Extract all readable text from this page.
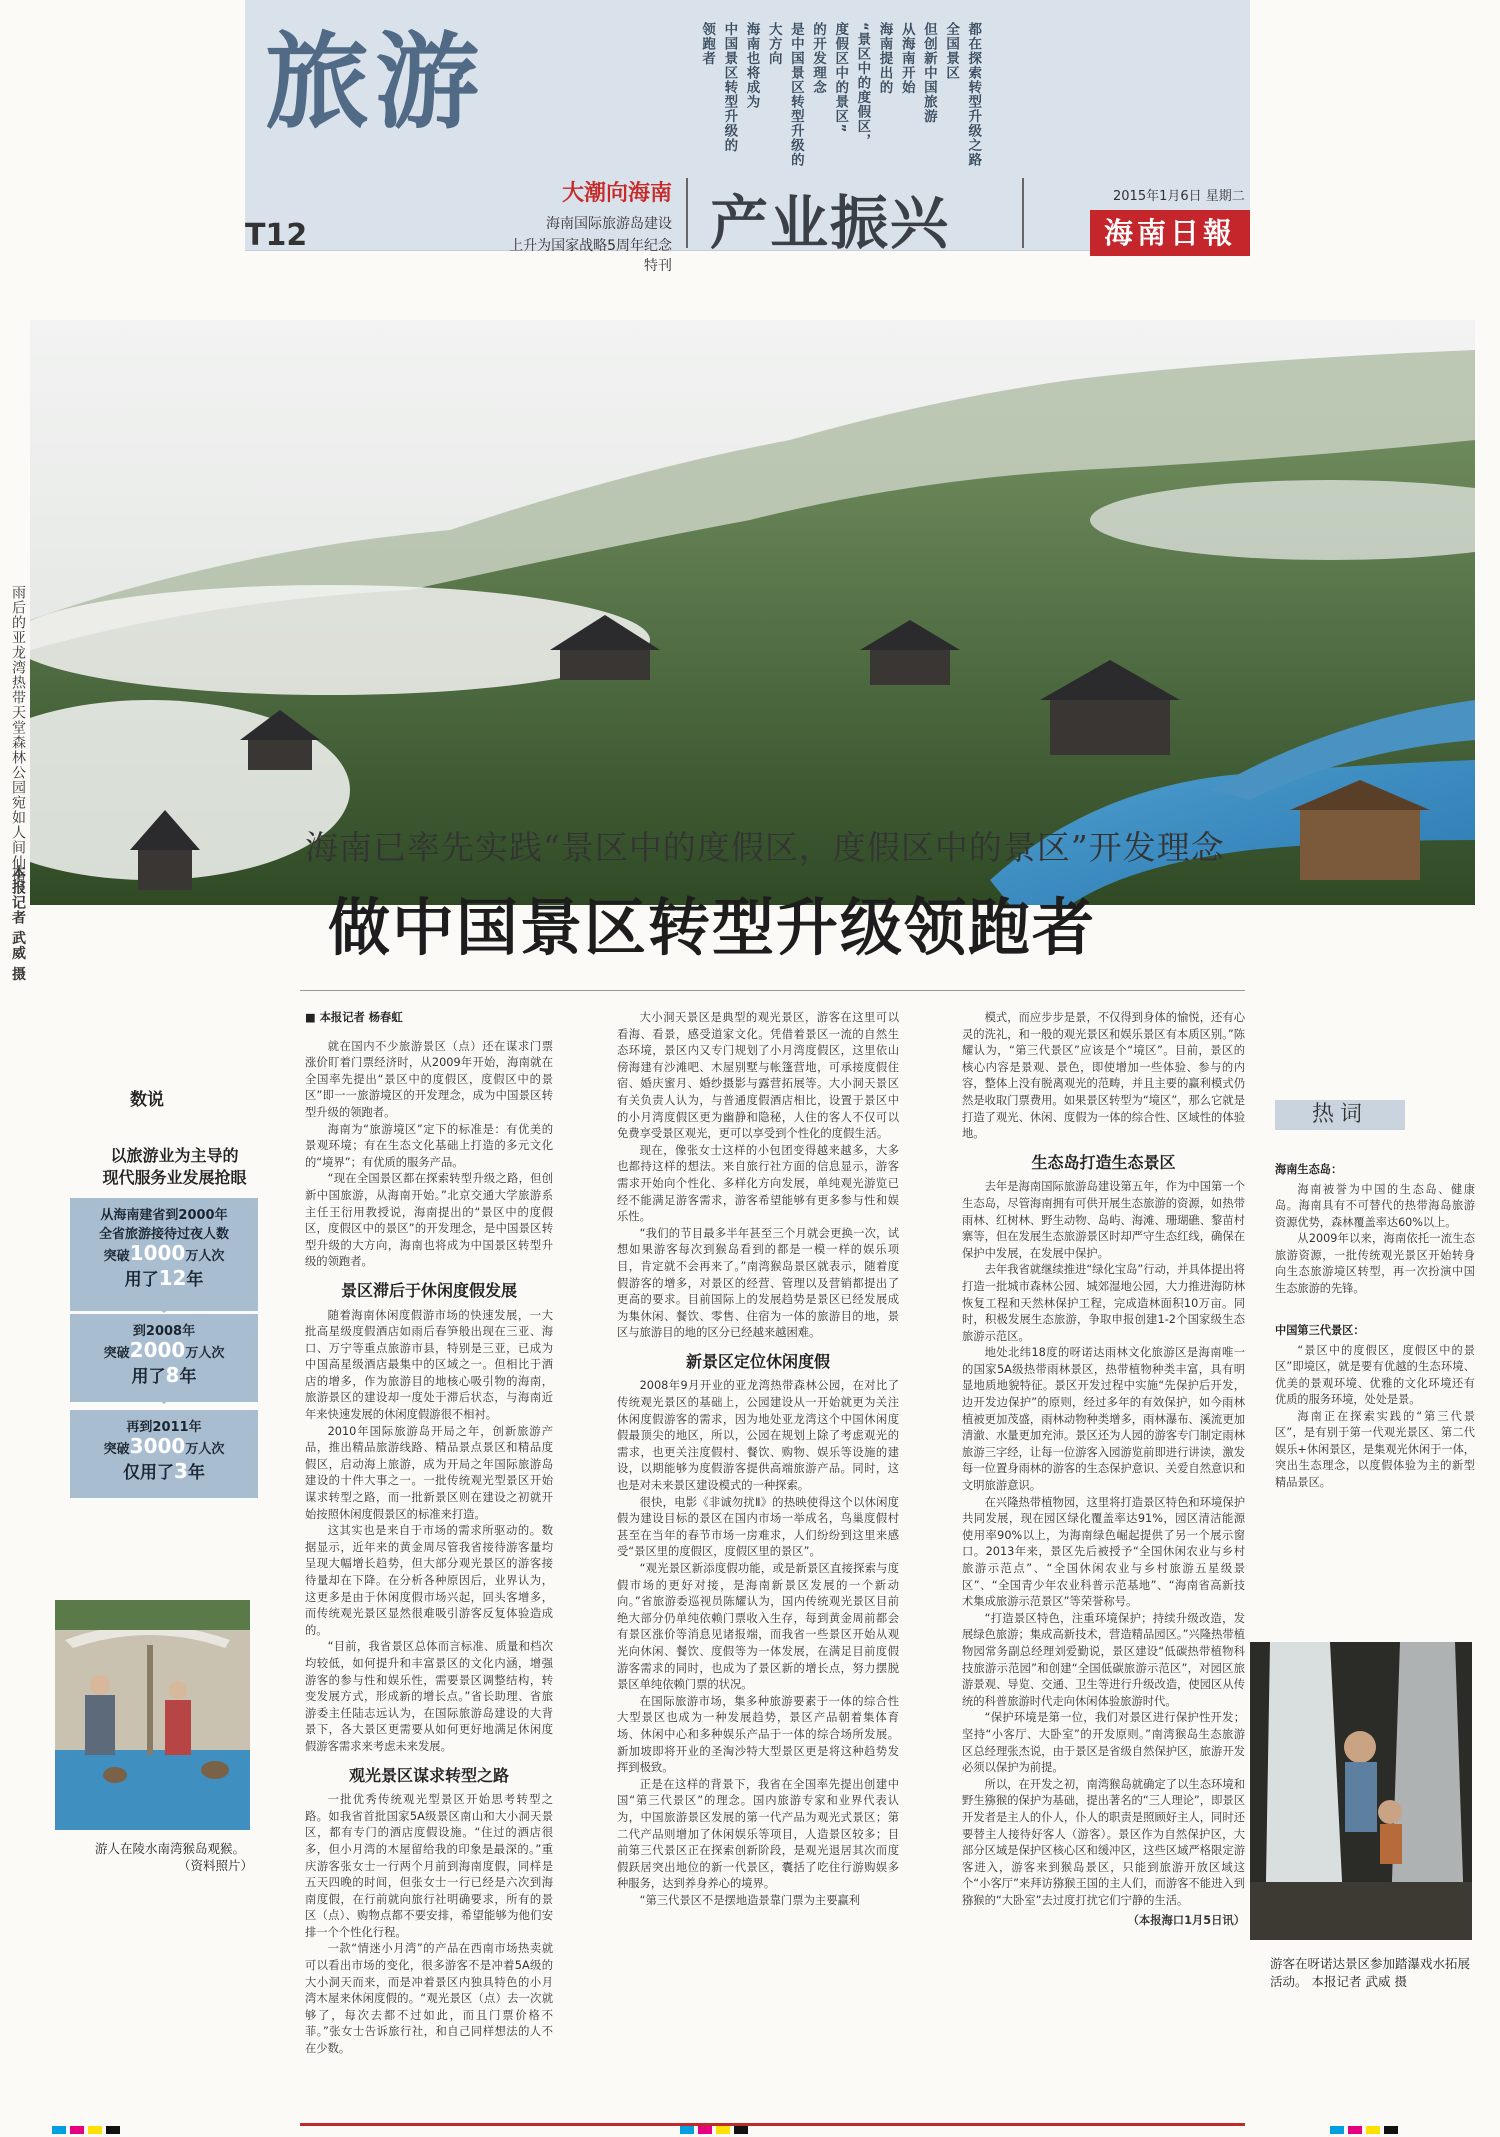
旅游
T12
都在探索转型升级之路
全国景区
但创新中国旅游
从海南开始
海南提出的
“景区中的度假区，
度假区中的景区”
的开发理念
是中国景区转型升级的
大方向
海南也将成为
中国景区转型升级的
领跑者
大潮向海南
海南国际旅游岛建设
上升为国家战略5周年纪念特刊
产业振兴	2015年1月6日 星期二
海南日報
雨后的亚龙湾热带天堂森林公园宛如人间仙境。
本报记者 武威 摄
海南已率先实践“景区中的度假区，度假区中的景区”开发理念
做中国景区转型升级领跑者
■ 本报记者 杨春虹

就在国内不少旅游景区（点）还在谋求门票涨价盯着门票经济时，从2009年开始，海南就在全国率先提出“景区中的度假区，度假区中的景区”即一一旅游境区的开发理念，成为中国景区转型升级的领跑者。

海南为“旅游境区”定下的标准是：有优美的景观环境；有在生态文化基础上打造的多元文化的“境界”；有优质的服务产品。

“现在全国景区都在探索转型升级之路，但创新中国旅游，从海南开始。”北京交通大学旅游系主任王衍用教授说，海南提出的“景区中的度假区，度假区中的景区”的开发理念，是中国景区转型升级的大方向，海南也将成为中国景区转型升级的领跑者。

景区滞后于休闲度假发展

随着海南休闲度假游市场的快速发展，一大批高星级度假酒店如雨后春笋般出现在三亚、海口、万宁等重点旅游市县，特别是三亚，已成为中国高星级酒店最集中的区域之一。但相比于酒店的增多，作为旅游目的地核心吸引物的海南，旅游景区的建设却一度处于滞后状态，与海南近年来快速发展的休闲度假游很不相衬。

2010年国际旅游岛开局之年，创新旅游产品，推出精品旅游线路、精品景点景区和精品度假区，启动海上旅游，成为开局之年国际旅游岛建设的十件大事之一。一批传统观光型景区开始谋求转型之路，而一批新景区则在建设之初就开始按照休闲度假景区的标准来打造。

这其实也是来自于市场的需求所驱动的。数据显示，近年来的黄金周尽管我省接待游客量均呈现大幅增长趋势，但大部分观光景区的游客接待量却在下降。在分析各种原因后，业界认为，这更多是由于休闲度假市场兴起，回头客增多，而传统观光景区显然很难吸引游客反复体验造成的。

“目前，我省景区总体而言标准、质量和档次均较低，如何提升和丰富景区的文化内涵，增强游客的参与性和娱乐性，需要景区调整结构，转变发展方式，形成新的增长点。”省长助理、省旅游委主任陆志远认为，在国际旅游岛建设的大背景下，各大景区更需要从如何更好地满足休闲度假游客需求来考虑未来发展。

观光景区谋求转型之路

一批优秀传统观光型景区开始思考转型之路。如我省首批国家5A级景区南山和大小洞天景区，都有专门的酒店度假设施。“住过的酒店很多，但小月湾的木屋留给我的印象是最深的。”重庆游客张女士一行两个月前到海南度假，同样是五天四晚的时间，但张女士一行已经是六次到海南度假，在行前就向旅行社明确要求，所有的景区（点）、购物点都不要安排，希望能够为他们安排一个个性化行程。

一款“情迷小月湾”的产品在西南市场热卖就可以看出市场的变化，很多游客不是冲着5A级的大小洞天而来，而是冲着景区内独具特色的小月湾木屋来休闲度假的。“观光景区（点）去一次就够了，每次去都不过如此，而且门票价格不菲。”张女士告诉旅行社，和自己同样想法的人不在少数。

大小洞天景区是典型的观光景区，游客在这里可以看海、看景，感受道家文化。凭借着景区一流的自然生态环境，景区内又专门规划了小月湾度假区，这里依山傍海建有沙滩吧、木屋别墅与帐篷营地，可承接度假住宿、婚庆蜜月、婚纱摄影与露营拓展等。大小洞天景区有关负责人认为，与普通度假酒店相比，设置于景区中的小月湾度假区更为幽静和隐秘，人住的客人不仅可以免费享受景区观光，更可以享受到个性化的度假生活。

现在，像张女士这样的小包团变得越来越多，大多也都持这样的想法。来自旅行社方面的信息显示，游客需求开始向个性化、多样化方向发展，单纯观光游览已经不能满足游客需求，游客希望能够有更多参与性和娱乐性。

“我们的节目最多半年甚至三个月就会更换一次，试想如果游客每次到猴岛看到的都是一模一样的娱乐项目，肯定就不会再来了。”南湾猴岛景区就表示，随着度假游客的增多，对景区的经营、管理以及营销都提出了更高的要求。目前国际上的发展趋势是景区已经发展成为集休闲、餐饮、零售、住宿为一体的旅游目的地，景区与旅游目的地的区分已经越来越困难。

新景区定位休闲度假

2008年9月开业的亚龙湾热带森林公园，在对比了传统观光景区的基础上，公园建设从一开始就更为关注休闲度假游客的需求，因为地处亚龙湾这个中国休闲度假最顶尖的地区，所以，公园在规划上除了考虑观光的需求，也更关注度假村、餐饮、购物、娱乐等设施的建设，以期能够为度假游客提供高端旅游产品。同时，这也是对未来景区建设模式的一种探索。

很快，电影《非诚勿扰Ⅱ》的热映使得这个以休闲度假为建设目标的景区在国内市场一举成名，鸟巢度假村甚至在当年的春节市场一房难求，人们纷纷到这里来感受“景区里的度假区，度假区里的景区”。

“观光景区新添度假功能，或是新景区直接探索与度假市场的更好对接，是海南新景区发展的一个新动向。”省旅游委巡视员陈耀认为，国内传统观光景区目前绝大部分仍单纯依赖门票收入生存，每到黄金周前都会有景区涨价等消息见诸报端，而我省一些景区开始从观光向休闲、餐饮、度假等为一体发展，在满足目前度假游客需求的同时，也成为了景区新的增长点，努力摆脱景区单纯依赖门票的状况。

在国际旅游市场，集多种旅游要素于一体的综合性大型景区也成为一种发展趋势，景区产品朝着集体育场、休闲中心和多种娱乐产品于一体的综合场所发展。新加坡即将开业的圣淘沙特大型景区更是将这种趋势发挥到极致。

正是在这样的背景下，我省在全国率先提出创建中国“第三代景区”的理念。国内旅游专家和业界代表认为，中国旅游景区发展的第一代产品为观光式景区；第二代产品则增加了休闲娱乐等项目，人造景区较多；目前第三代景区正在探索创新阶段，是观光退居其次而度假跃居突出地位的新一代景区，囊括了吃住行游购娱多种服务，达到养身养心的境界。

“第三代景区不是摆地造景靠门票为主要赢利

模式，而应步步是景，不仅得到身体的愉悦，还有心灵的洗礼，和一般的观光景区和娱乐景区有本质区别。”陈耀认为，“第三代景区”应该是个“境区”。目前，景区的核心内容是景观、景色，即使增加一些体验、参与的内容，整体上没有脱离观光的范畴，并且主要的赢利模式仍然是收取门票费用。如果景区转型为“境区”，那么它就是打造了观光、休闲、度假为一体的综合性、区域性的体验地。

生态岛打造生态景区

去年是海南国际旅游岛建设第五年，作为中国第一个生态岛，尽管海南拥有可供开展生态旅游的资源，如热带雨林、红树林、野生动物、岛屿、海滩、珊瑚礁、黎苗村寨等，但在发展生态旅游景区时却严守生态红线，确保在保护中发展，在发展中保护。

去年我省就继续推进“绿化宝岛”行动，并具体提出将打造一批城市森林公园、城郊湿地公园，大力推进海防林恢复工程和天然林保护工程，完成造林面积10万亩。同时，积极发展生态旅游，争取申报创建1-2个国家级生态旅游示范区。

地处北纬18度的呀诺达雨林文化旅游区是海南唯一的国家5A级热带雨林景区，热带植物种类丰富，具有明显地质地貌特征。景区开发过程中实施“先保护后开发，边开发边保护”的原则，经过多年的有效保护，如今雨林植被更加茂盛，雨林动物种类增多，雨林瀑布、溪流更加清澈、水量更加充沛。景区还为人园的游客专门制定雨林旅游三字经，让每一位游客入园游览前即进行讲读，激发每一位置身雨林的游客的生态保护意识、关爱自然意识和文明旅游意识。

在兴隆热带植物园，这里将打造景区特色和环境保护共同发展，现在园区绿化覆盖率达91%，园区清洁能源使用率90%以上，为海南绿色崛起提供了另一个展示窗口。2013年来，景区先后被授予“全国休闲农业与乡村旅游示范点”、“全国休闲农业与乡村旅游五星级景区”、“全国青少年农业科普示范基地”、“海南省高新技术集成旅游示范景区”等荣誉称号。

“打造景区特色，注重环境保护；持续升级改造，发展绿色旅游；集成高新技术，营造精品园区。”兴隆热带植物园常务副总经理刘爱勤说，景区建设“低碳热带植物科技旅游示范园”和创建“全国低碳旅游示范区”，对园区旅游景观、导览、交通、卫生等进行升级改造，使园区从传统的科普旅游时代走向休闲体验旅游时代。

“保护环境是第一位，我们对景区进行保护性开发；坚持“小客厅、大卧室”的开发原则。”南湾猴岛生态旅游区总经理张杰说，由于景区是省级自然保护区，旅游开发必须以保护为前提。

所以，在开发之初，南湾猴岛就确定了以生态环境和野生猕猴的保护为基础，提出著名的“三人理论”，即景区开发者是主人的仆人，仆人的职责是照顾好主人，同时还要替主人接待好客人（游客）。景区作为自然保护区，大部分区域是保护区核心区和缓冲区，这些区域严格限定游客进入，游客来到猴岛景区，只能到旅游开放区域这个“小客厅”来拜访猕猴王国的主人们，而游客不能进入到猕猴的“大卧室”去过度打扰它们宁静的生活。

（本报海口1月5日讯）
数说
以旅游业为主导的
现代服务业发展抢眼
从海南建省到2000年
全省旅游接待过夜人数
突破1000万人次
用了12年
到2008年
突破2000万人次
用了8年
再到2011年
突破3000万人次
仅用了3年
游人在陵水南湾猴岛观猴。
（资料照片）
热词
海南生态岛：

海南被誉为中国的生态岛、健康岛。海南具有不可替代的热带海岛旅游资源优势，森林覆盖率达60%以上。

从2009年以来，海南依托一流生态旅游资源，一批传统观光景区开始转身向生态旅游境区转型，再一次扮演中国生态旅游的先锋。

中国第三代景区：

“景区中的度假区，度假区中的景区”即境区，就是要有优越的生态环境、优美的景观环境、优雅的文化环境还有优质的服务环境，处处是景。

海南正在探索实践的“第三代景区”，是有别于第一代观光景区、第二代娱乐+休闲景区，是集观光休闲于一体，突出生态理念，以度假体验为主的新型精品景区。

游客在呀诺达景区参加踏瀑戏水拓展活动。 本报记者 武威 摄
